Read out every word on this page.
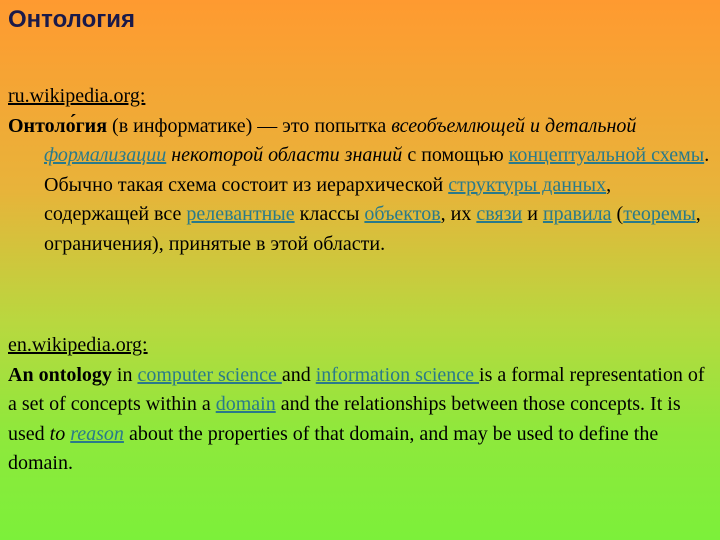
Онтология
ru.wikipedia.org:

Онтоло́гия (в информатике) — это попытка всеобъемлющей и детальной формализации некоторой области знаний с помощью концептуальной схемы. Обычно такая схема состоит из иерархической структуры данных, содержащей все релевантные классы объектов, их связи и правила (теоремы, ограничения), принятые в этой области.

en.wikipedia.org:

An ontology in computer science and information science is a formal representation of a set of concepts within a domain and the relationships between those concepts. It is used to reason about the properties of that domain, and may be used to define the domain.
